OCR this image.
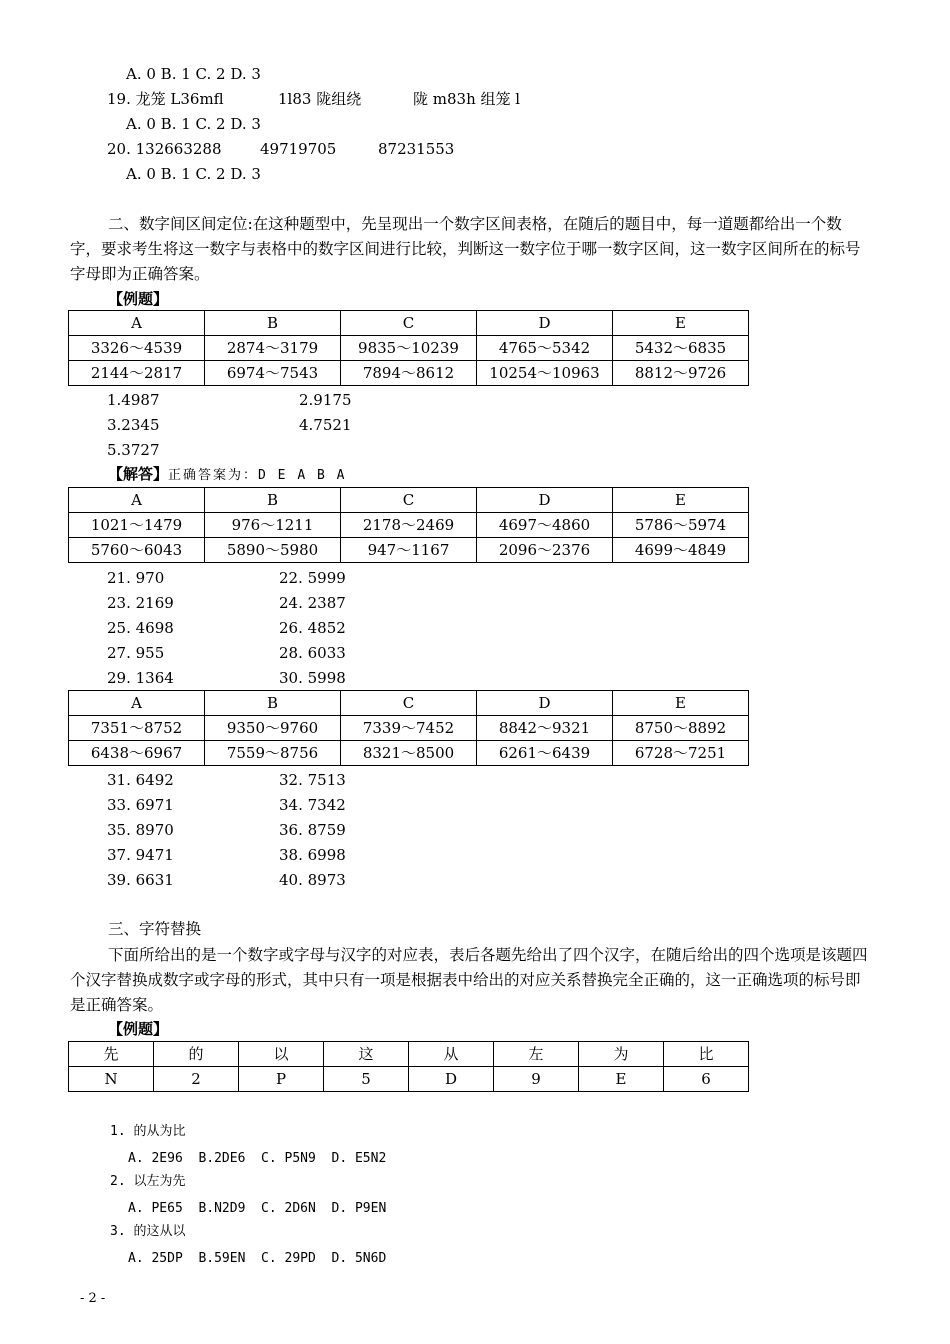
A. 0 B. 1 C. 2 D. 3
19. 龙笼 L36mfl	1l83 陇组绕	陇 m83h 组笼 l
A. 0 B. 1 C. 2 D. 3
20. 132663288	49719705	87231553
A. 0 B. 1 C. 2 D. 3
二、数字间区间定位:在这种题型中，先呈现出一个数字区间表格，在随后的题目中，每一道题都给出一个数字，要求考生将这一数字与表格中的数字区间进行比较，判断这一数字位于哪一数字区间，这一数字区间所在的标号字母即为正确答案。
【例题】
A	B	C	D	E
3326～4539	2874～3179	9835～10239	4765～5342	5432～6835
2144～2817	6974～7543	7894～8612	10254～10963	8812～9726
1.4987	2.9175
3.2345	4.7521
5.3727
【解答】正确答案为：D E A B A
A	B	C	D	E
1021～1479	976～1211	2178～2469	4697～4860	5786～5974
5760～6043	5890～5980	947～1167	2096～2376	4699～4849
21. 970	22. 5999
23. 2169	24. 2387
25. 4698	26. 4852
27. 955	28. 6033
29. 1364	30. 5998
A	B	C	D	E
7351～8752	9350～9760	7339～7452	8842～9321	8750～8892
6438～6967	7559～8756	8321～8500	6261～6439	6728～7251
31. 6492	32. 7513
33. 6971	34. 7342
35. 8970	36. 8759
37. 9471	38. 6998
39. 6631	40. 8973
三、字符替换
下面所给出的是一个数字或字母与汉字的对应表，表后各题先给出了四个汉字，在随后给出的四个选项是该题四个汉字替换成数字或字母的形式，其中只有一项是根据表中给出的对应关系替换完全正确的，这一正确选项的标号即是正确答案。
【例题】
先	的	以	这	从	左	为	比
N	2	P	5	D	9	E	6
1. 的从为比
A. 2E96  B.2DE6  C. P5N9  D. E5N2
2. 以左为先
A. PE65  B.N2D9  C. 2D6N  D. P9EN
3. 的这从以
A. 25DP  B.59EN  C. 29PD  D. 5N6D
- 2 -
